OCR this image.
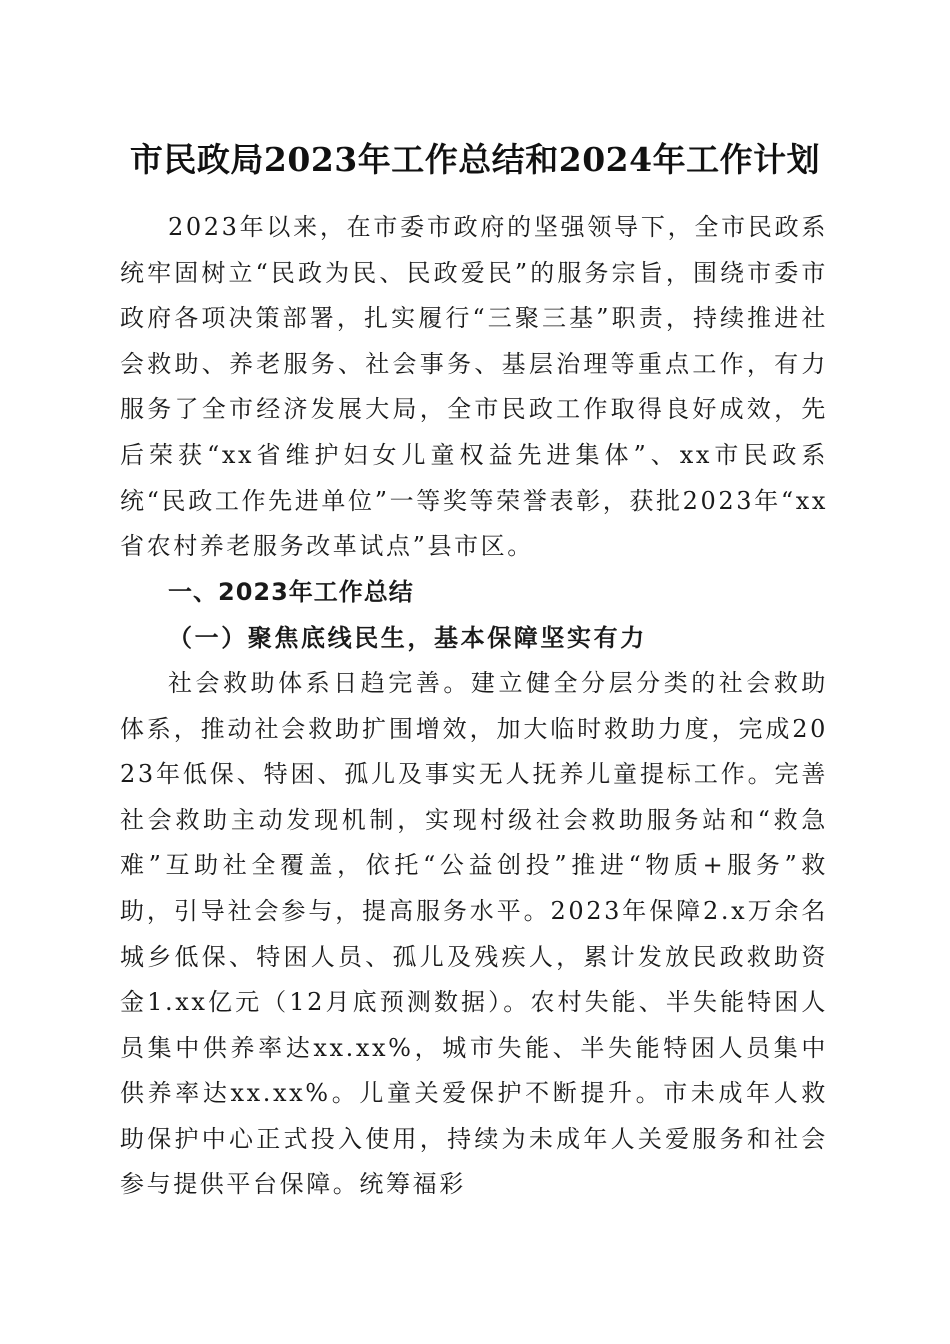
市民政局2023年工作总结和2024年工作计划

2023年以来，在市委市政府的坚强领导下，全市民政系统牢固树立“民政为民、民政爱民”的服务宗旨，围绕市委市政府各项决策部署，扎实履行“三聚三基”职责，持续推进社会救助、养老服务、社会事务、基层治理等重点工作，有力服务了全市经济发展大局，全市民政工作取得良好成效，先后荣获“xx省维护妇女儿童权益先进集体”、xx市民政系统“民政工作先进单位”一等奖等荣誉表彰，获批2023年“xx省农村养老服务改革试点”县市区。

一、2023年工作总结

（一）聚焦底线民生，基本保障坚实有力

社会救助体系日趋完善。建立健全分层分类的社会救助体系，推动社会救助扩围增效，加大临时救助力度，完成2023年低保、特困、孤儿及事实无人抚养儿童提标工作。完善社会救助主动发现机制，实现村级社会救助服务站和“救急难”互助社全覆盖，依托“公益创投”推进“物质+服务”救助，引导社会参与，提高服务水平。2023年保障2.x万余名城乡低保、特困人员、孤儿及残疾人，累计发放民政救助资金1.xx亿元（12月底预测数据）。农村失能、半失能特困人员集中供养率达xx.xx%，城市失能、半失能特困人员集中供养率达xx.xx%。儿童关爱保护不断提升。市未成年人救助保护中心正式投入使用，持续为未成年人关爱服务和社会参与提供平台保障。统筹福彩
